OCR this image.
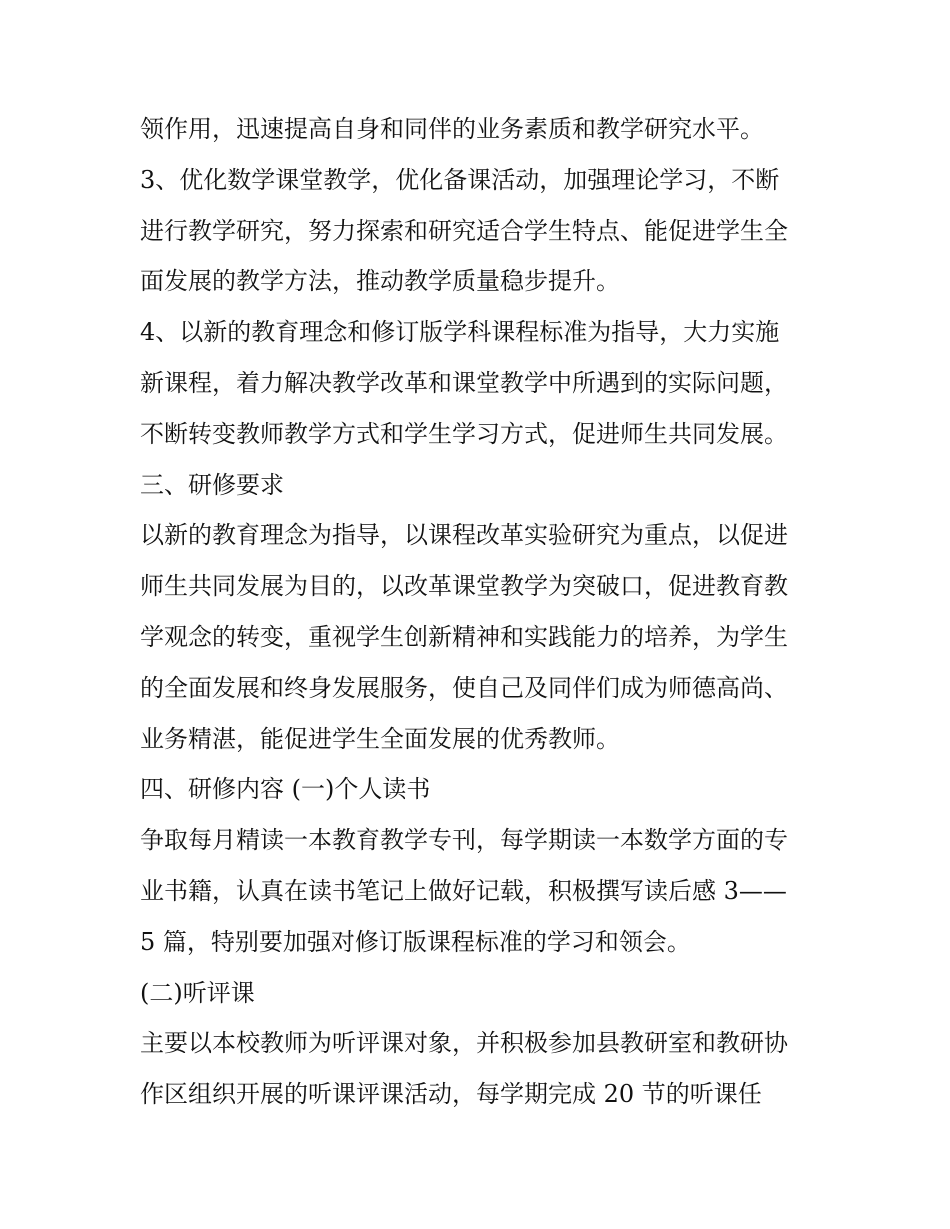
领作用，迅速提高自身和同伴的业务素质和教学研究水平。

3、优化数学课堂教学，优化备课活动，加强理论学习，不断

进行教学研究，努力探索和研究适合学生特点、能促进学生全

面发展的教学方法，推动教学质量稳步提升。

4、以新的教育理念和修订版学科课程标准为指导，大力实施

新课程，着力解决教学改革和课堂教学中所遇到的实际问题，

不断转变教师教学方式和学生学习方式，促进师生共同发展。

三、研修要求

以新的教育理念为指导，以课程改革实验研究为重点，以促进

师生共同发展为目的，以改革课堂教学为突破口，促进教育教

学观念的转变，重视学生创新精神和实践能力的培养，为学生

的全面发展和终身发展服务，使自己及同伴们成为师德高尚、

业务精湛，能促进学生全面发展的优秀教师。

四、研修内容 (一)个人读书

争取每月精读一本教育教学专刊，每学期读一本数学方面的专

业书籍，认真在读书笔记上做好记载，积极撰写读后感 3——

5 篇，特别要加强对修订版课程标准的学习和领会。

(二)听评课

主要以本校教师为听评课对象，并积极参加县教研室和教研协

作区组织开展的听课评课活动，每学期完成 20 节的听课任
